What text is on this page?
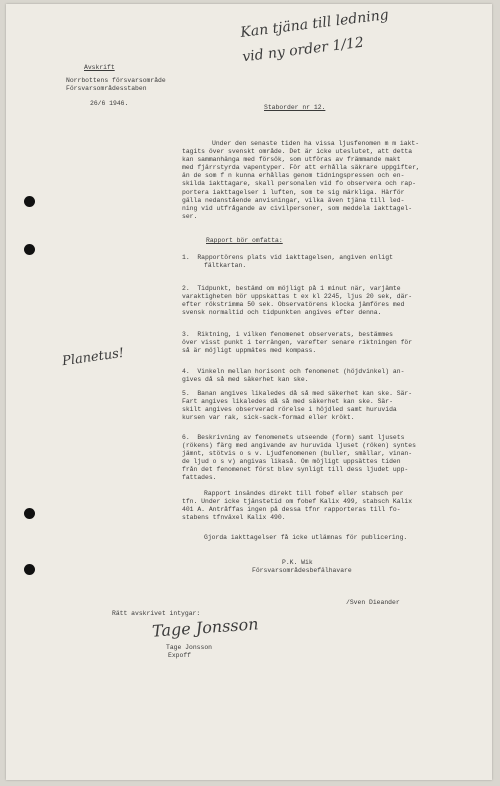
Kan tjäna till ledning
vid ny order 1/12
Planetus!
Avskrift
Norrbottens försvarsområde
Försvarsområdesstaben
26/6 1946.
Staborder nr 12.
Under den senaste tiden ha vissa ljusfenomen m m iakt-
tagits över svenskt område. Det är icke uteslutet, att detta
kan sammanhänga med försök, som utföras av främmande makt
med fjärrstyrda vapentyper. För att erhålla säkrare uppgifter,
än de som f n kunna erhållas genom tidningspressen och en-
skilda iakttagare, skall personalen vid fo observera och rap-
portera iakttagelser i luften, som te sig märkliga. Härför
gälla nedanstående anvisningar, vilka även tjäna till led-
ning vid utfrågande av civilpersoner, som meddela iakttagel-
ser.
Rapport bör omfatta:
1. Rapportörens plats vid iakttagelsen, angiven enligt
fältkartan.
2. Tidpunkt, bestämd om möjligt på 1 minut när, varjämte
varaktigheten bör uppskattas t ex kl 2245, ljus 20 sek, där-
efter rökstrimma 50 sek. Observatörens klocka jämföres med
svensk normaltid och tidpunkten angives efter denna.
3. Riktning, i vilken fenomenet observerats, bestämmes
över visst punkt i terrängen, varefter senare riktningen för
så är möjligt uppmätes med kompass.
4. Vinkeln mellan horisont och fenomenet (höjdvinkel) an-
gives då så med säkerhet kan ske.
5. Banan angives likaledes då så med säkerhet kan ske. Sär-
Fart angives likaledes då så med säkerhet kan ske. Sär-
skilt angives observerad rörelse i höjdled samt huruvida
kursen var rak, sick-sack-formad eller krökt.
6. Beskrivning av fenomenets utseende (form) samt ljusets
(rökens) färg med angivande av huruvida ljuset (röken) syntes
jämnt, stötvis o s v. Ljudfenomenen (buller, smällar, vinan-
de ljud o s v) angivas likaså. Om möjligt uppsättes tiden
från det fenomenet först blev synligt till dess ljudet upp-
fattades.
Rapport insändes direkt till fobef eller stabsch per
tfn. Under icke tjänstetid om fobef Kalix 499, stabsch Kalix
401 A. Antråffas ingen på dessa tfnr rapporteras till fo-
stabens tfnväxel Kalix 490.
Gjorda iakttagelser få icke utlämnas för publicering.
P.K. Wik
Försvarsområdesbefälhavare
/Sven Dieander
Rätt avskrivet intygar:
Tage Jonsson
Tage Jonsson
Expoff
